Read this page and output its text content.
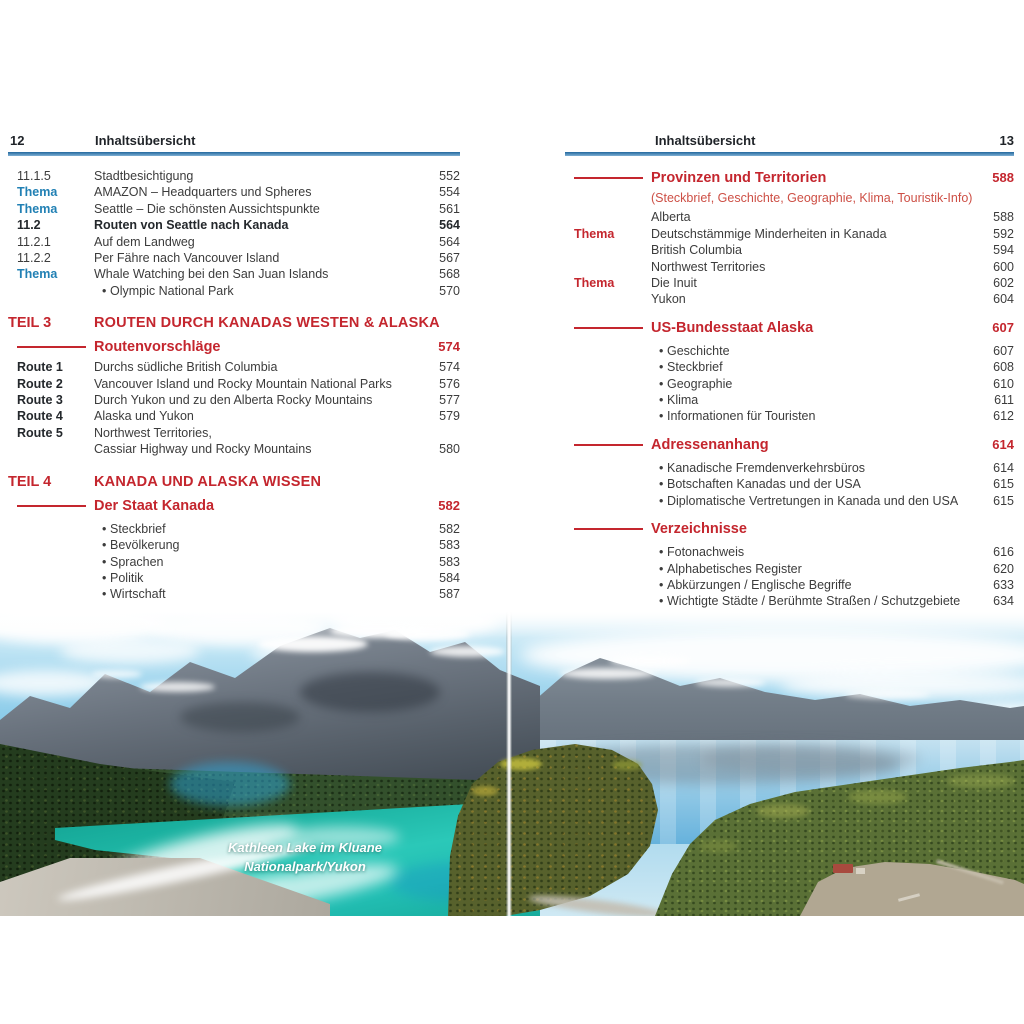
12	Inhaltsübersicht	Inhaltsübersicht	13
11.1.5	Stadtbesichtigung	552
Thema	AMAZON – Headquarters und Spheres	554
Thema	Seattle – Die schönsten Aussichtspunkte	561
11.2	Routen von Seattle nach Kanada	564
11.2.1	Auf dem Landweg	564
11.2.2	Per Fähre nach Vancouver Island	567
Thema	Whale Watching bei den San Juan Islands	568
• Olympic National Park	570
TEIL 3	ROUTEN DURCH KANADAS WESTEN & ALASKA
Routenvorschläge	574
Route 1	Durchs südliche British Columbia	574
Route 2	Vancouver Island und Rocky Mountain National Parks	576
Route 3	Durch Yukon und zu den Alberta Rocky Mountains	577
Route 4	Alaska und Yukon	579
Route 5	Northwest Territories,
Cassiar Highway und Rocky Mountains	580
TEIL 4	KANADA UND ALASKA WISSEN
Der Staat Kanada	582
• Steckbrief	582
• Bevölkerung	583
• Sprachen	583
• Politik	584
• Wirtschaft	587
Provinzen und Territorien	588
(Steckbrief, Geschichte, Geographie, Klima, Touristik-Info)
Alberta	588
Thema	Deutschstämmige Minderheiten in Kanada	592
British Columbia	594
Northwest Territories	600
Thema	Die Inuit	602
Yukon	604
US-Bundesstaat Alaska	607
• Geschichte	607
• Steckbrief	608
• Geographie	610
• Klima	611
• Informationen für Touristen	612
Adressenanhang	614
• Kanadische Fremdenverkehrsbüros	614
• Botschaften Kanadas und der USA	615
• Diplomatische Vertretungen in Kanada und den USA	615
Verzeichnisse
• Fotonachweis	616
• Alphabetisches Register	620
• Abkürzungen / Englische Begriffe	633
• Wichtigte Städte / Berühmte Straßen / Schutzgebiete	634
Kathleen Lake im Kluane
Nationalpark/Yukon
